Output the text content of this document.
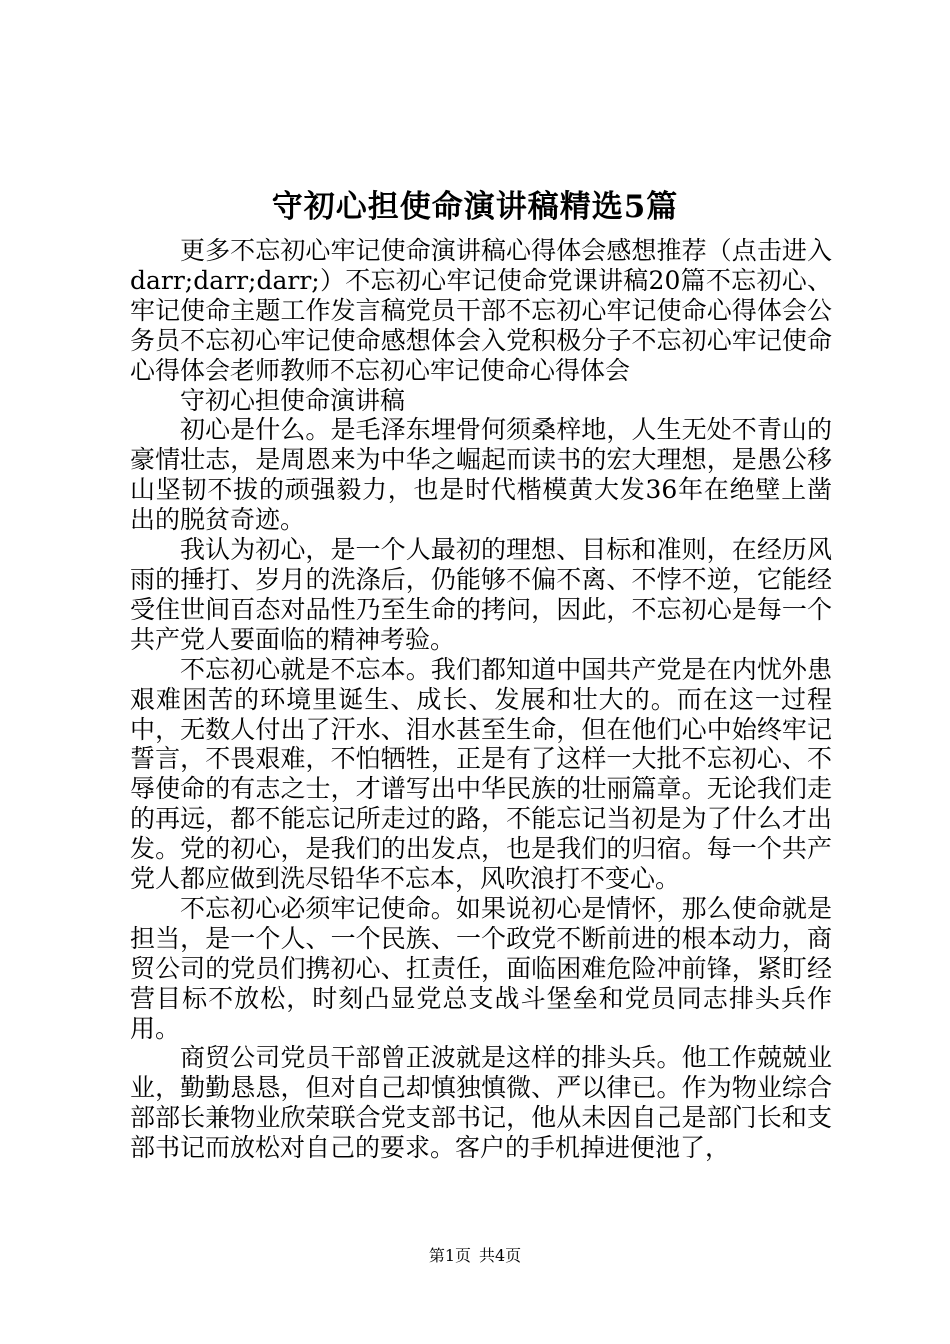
守初心担使命演讲稿精选5篇

更多不忘初心牢记使命演讲稿心得体会感想推荐（点击进入darr;darr;darr;）不忘初心牢记使命党课讲稿20篇不忘初心、牢记使命主题工作发言稿党员干部不忘初心牢记使命心得体会公务员不忘初心牢记使命感想体会入党积极分子不忘初心牢记使命心得体会老师教师不忘初心牢记使命心得体会

守初心担使命演讲稿

初心是什么。是毛泽东埋骨何须桑梓地，人生无处不青山的豪情壮志，是周恩来为中华之崛起而读书的宏大理想，是愚公移山坚韧不拔的顽强毅力，也是时代楷模黄大发36年在绝壁上凿出的脱贫奇迹。

我认为初心，是一个人最初的理想、目标和准则，在经历风雨的捶打、岁月的洗涤后，仍能够不偏不离、不悖不逆，它能经受住世间百态对品性乃至生命的拷问，因此，不忘初心是每一个共产党人要面临的精神考验。

不忘初心就是不忘本。我们都知道中国共产党是在内忧外患艰难困苦的环境里诞生、成长、发展和壮大的。而在这一过程中，无数人付出了汗水、泪水甚至生命，但在他们心中始终牢记誓言，不畏艰难，不怕牺牲，正是有了这样一大批不忘初心、不辱使命的有志之士，才谱写出中华民族的壮丽篇章。无论我们走的再远，都不能忘记所走过的路，不能忘记当初是为了什么才出发。党的初心，是我们的出发点，也是我们的归宿。每一个共产党人都应做到洗尽铅华不忘本，风吹浪打不变心。

不忘初心必须牢记使命。如果说初心是情怀，那么使命就是担当，是一个人、一个民族、一个政党不断前进的根本动力，商贸公司的党员们携初心、扛责任，面临困难危险冲前锋，紧盯经营目标不放松，时刻凸显党总支战斗堡垒和党员同志排头兵作用。

商贸公司党员干部曾正波就是这样的排头兵。他工作兢兢业业，勤勤恳恳，但对自己却慎独慎微、严以律已。作为物业综合部部长兼物业欣荣联合党支部书记，他从未因自己是部门长和支部书记而放松对自己的要求。客户的手机掉进便池了，

第1页 共4页
